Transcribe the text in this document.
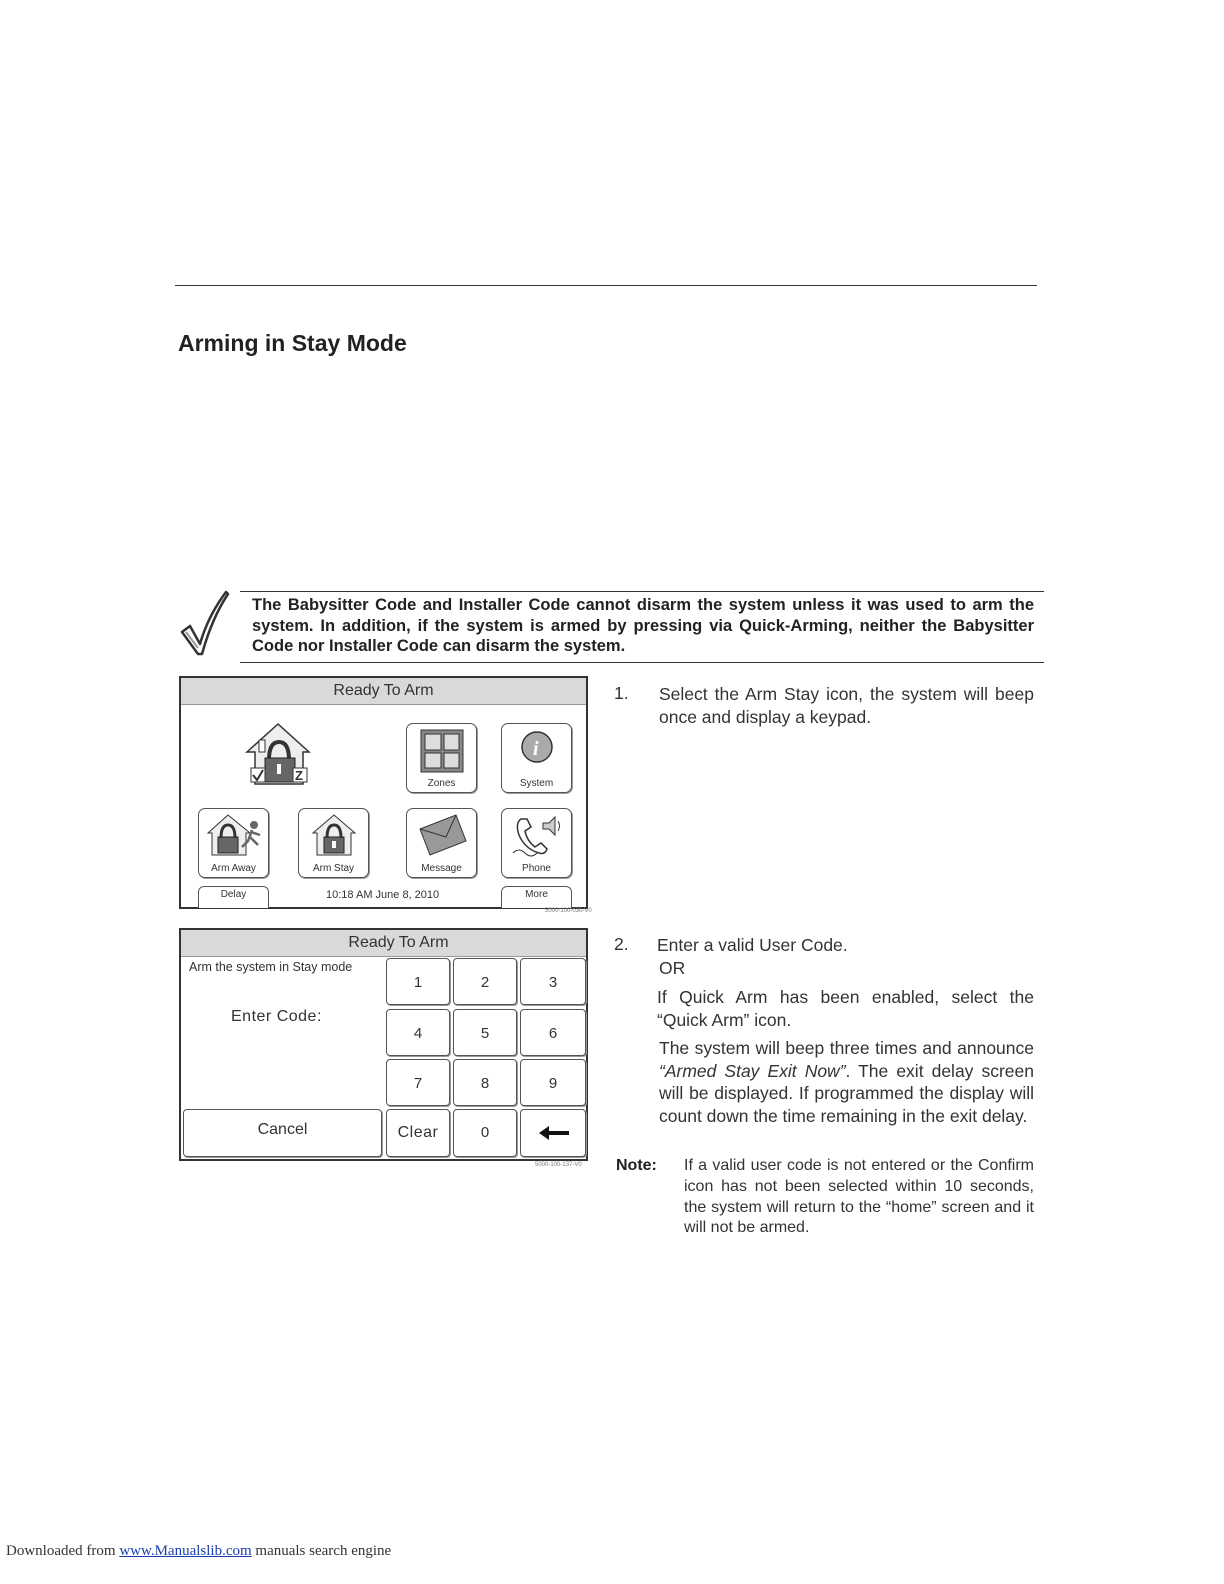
Arming in Stay Mode
The Babysitter Code and Installer Code cannot disarm the system unless it was used to arm the system. In addition, if the system is armed by pressing via Quick-Arming, neither the Babysitter Code nor Installer Code can disarm the system.
Ready To Arm
Z
Zones
i
System
Arm Away	Arm Stay	Message	Phone
Delay	10:18 AM June 8, 2010	More
5000-100-030-V0
Ready To Arm
Arm the system in Stay mode
Enter Code:
1	2	3
4	5	6
7	8	9
Cancel	Clear	0
5000-100-137-V0
1. Select the Arm Stay icon, the system will beep once and display a keypad.
2. Enter a valid User Code.
OR
If Quick Arm has been enabled, select the “Quick Arm” icon.
The system will beep three times and announce “Armed Stay Exit Now”. The exit delay screen will be displayed. If programmed the display will count down the time remaining in the exit delay.
Note: If a valid user code is not entered or the Confirm icon has not been selected within 10 seconds, the system will return to the “home” screen and it will not be armed.
Downloaded from www.Manualslib.com manuals search engine
